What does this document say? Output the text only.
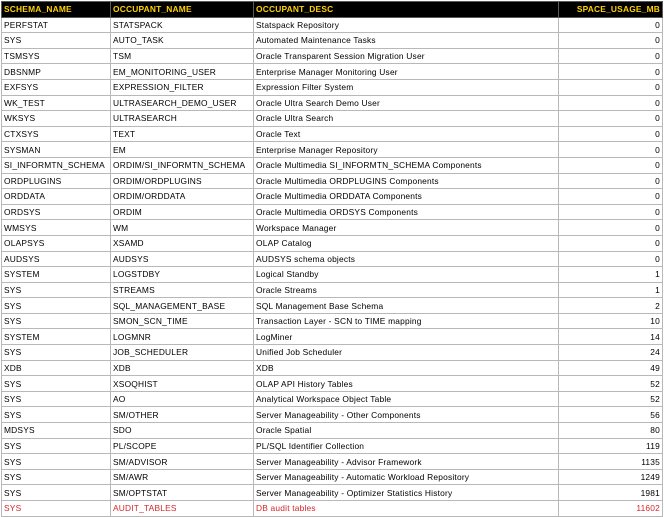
SCHEMA_NAME	OCCUPANT_NAME	OCCUPANT_DESC	SPACE_USAGE_MB
PERFSTAT	STATSPACK	Statspack Repository	0
SYS	AUTO_TASK	Automated Maintenance Tasks	0
TSMSYS	TSM	Oracle Transparent Session Migration User	0
DBSNMP	EM_MONITORING_USER	Enterprise Manager Monitoring User	0
EXFSYS	EXPRESSION_FILTER	Expression Filter System	0
WK_TEST	ULTRASEARCH_DEMO_USER	Oracle Ultra Search Demo User	0
WKSYS	ULTRASEARCH	Oracle Ultra Search	0
CTXSYS	TEXT	Oracle Text	0
SYSMAN	EM	Enterprise Manager Repository	0
SI_INFORMTN_SCHEMA	ORDIM/SI_INFORMTN_SCHEMA	Oracle Multimedia SI_INFORMTN_SCHEMA Components	0
ORDPLUGINS	ORDIM/ORDPLUGINS	Oracle Multimedia ORDPLUGINS Components	0
ORDDATA	ORDIM/ORDDATA	Oracle Multimedia ORDDATA Components	0
ORDSYS	ORDIM	Oracle Multimedia ORDSYS Components	0
WMSYS	WM	Workspace Manager	0
OLAPSYS	XSAMD	OLAP Catalog	0
AUDSYS	AUDSYS	AUDSYS schema objects	0
SYSTEM	LOGSTDBY	Logical Standby	1
SYS	STREAMS	Oracle Streams	1
SYS	SQL_MANAGEMENT_BASE	SQL Management Base Schema	2
SYS	SMON_SCN_TIME	Transaction Layer - SCN to TIME mapping	10
SYSTEM	LOGMNR	LogMiner	14
SYS	JOB_SCHEDULER	Unified Job Scheduler	24
XDB	XDB	XDB	49
SYS	XSOQHIST	OLAP API History Tables	52
SYS	AO	Analytical Workspace Object Table	52
SYS	SM/OTHER	Server Manageability - Other Components	56
MDSYS	SDO	Oracle Spatial	80
SYS	PL/SCOPE	PL/SQL Identifier Collection	119
SYS	SM/ADVISOR	Server Manageability - Advisor Framework	1135
SYS	SM/AWR	Server Manageability - Automatic Workload Repository	1249
SYS	SM/OPTSTAT	Server Manageability - Optimizer Statistics History	1981
SYS	AUDIT_TABLES	DB audit tables	11602
